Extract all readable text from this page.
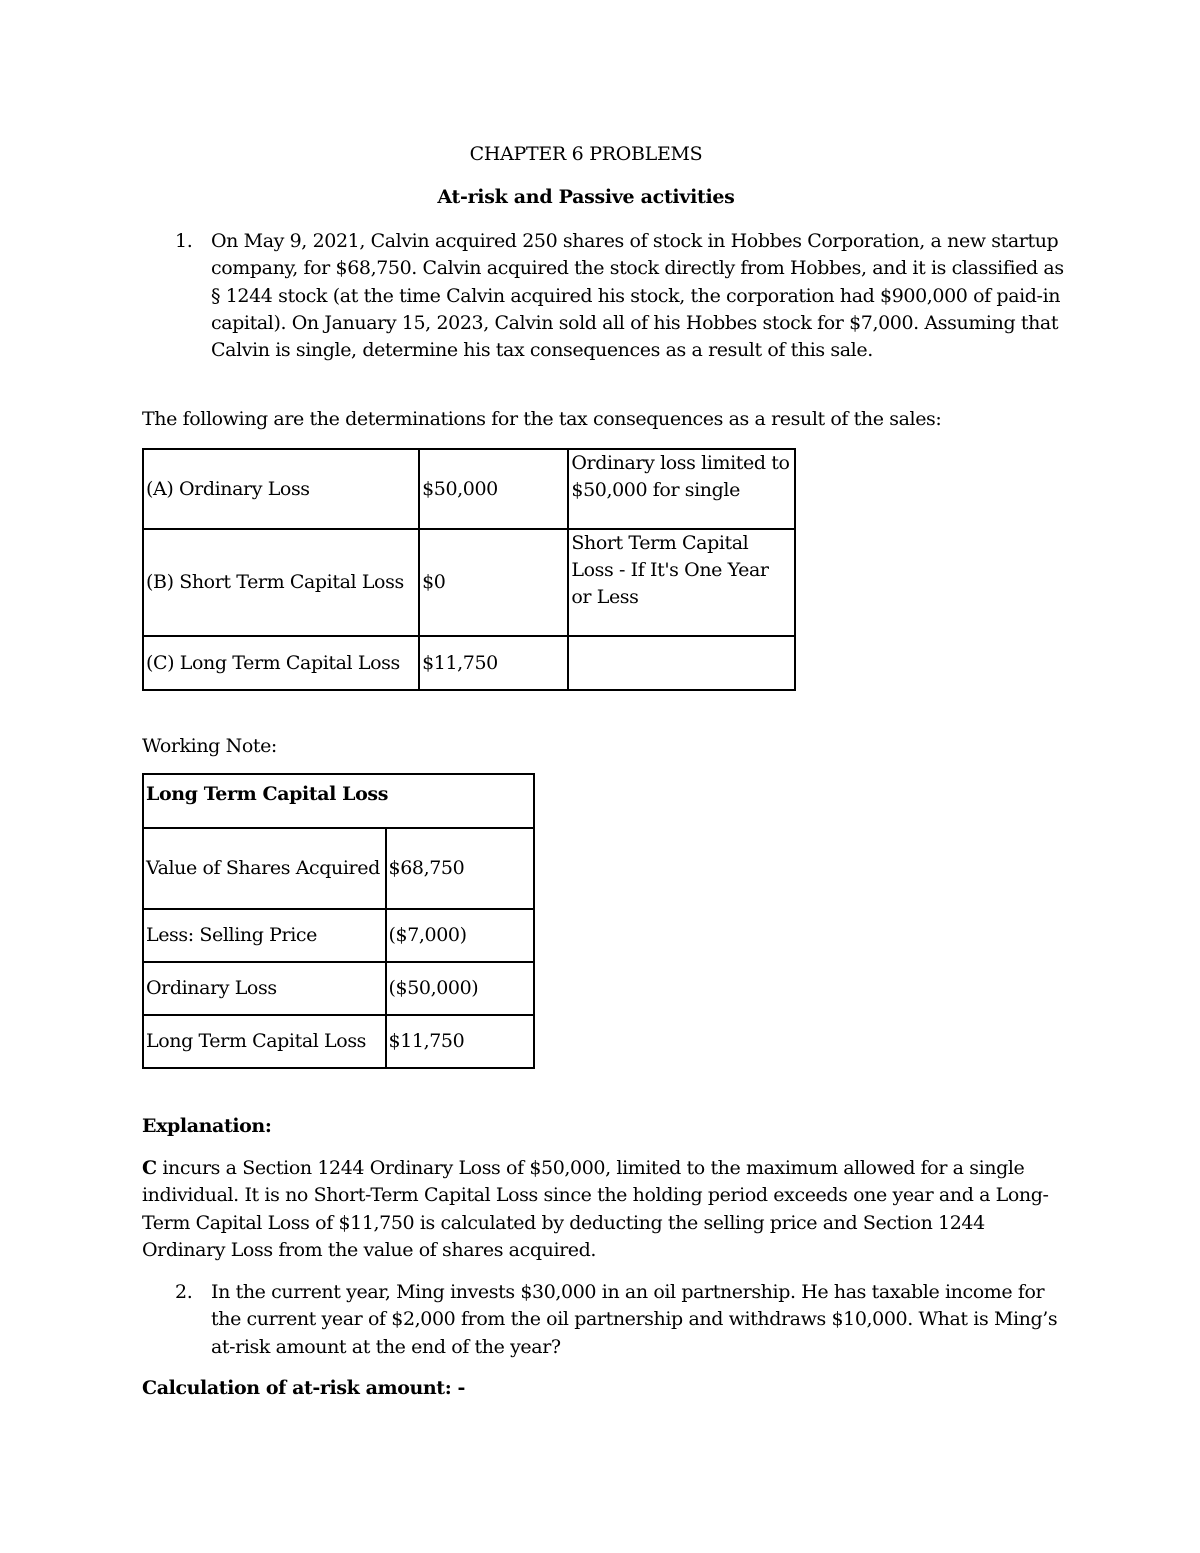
CHAPTER 6 PROBLEMS
At-risk and Passive activities
1. On May 9, 2021, Calvin acquired 250 shares of stock in Hobbes Corporation, a new startup company, for $68,750. Calvin acquired the stock directly from Hobbes, and it is classified as § 1244 stock (at the time Calvin acquired his stock, the corporation had $900,000 of paid-in capital). On January 15, 2023, Calvin sold all of his Hobbes stock for $7,000. Assuming that Calvin is single, determine his tax consequences as a result of this sale.
The following are the determinations for the tax consequences as a result of the sales:
(A) Ordinary Loss	$50,000	Ordinary loss limited to $50,000 for single
(B) Short Term Capital Loss	$0	Short Term Capital Loss - If It's One Year or Less
(C) Long Term Capital Loss	$11,750	
Working Note:
Long Term Capital Loss	
Value of Shares Acquired	$68,750
Less: Selling Price	($7,000)
Ordinary Loss	($50,000)
Long Term Capital Loss	$11,750
Explanation:
C incurs a Section 1244 Ordinary Loss of $50,000, limited to the maximum allowed for a single individual. It is no Short-Term Capital Loss since the holding period exceeds one year and a Long-Term Capital Loss of $11,750 is calculated by deducting the selling price and Section 1244 Ordinary Loss from the value of shares acquired.
2. In the current year, Ming invests $30,000 in an oil partnership. He has taxable income for the current year of $2,000 from the oil partnership and withdraws $10,000. What is Ming’s at-risk amount at the end of the year?
Calculation of at-risk amount: -
